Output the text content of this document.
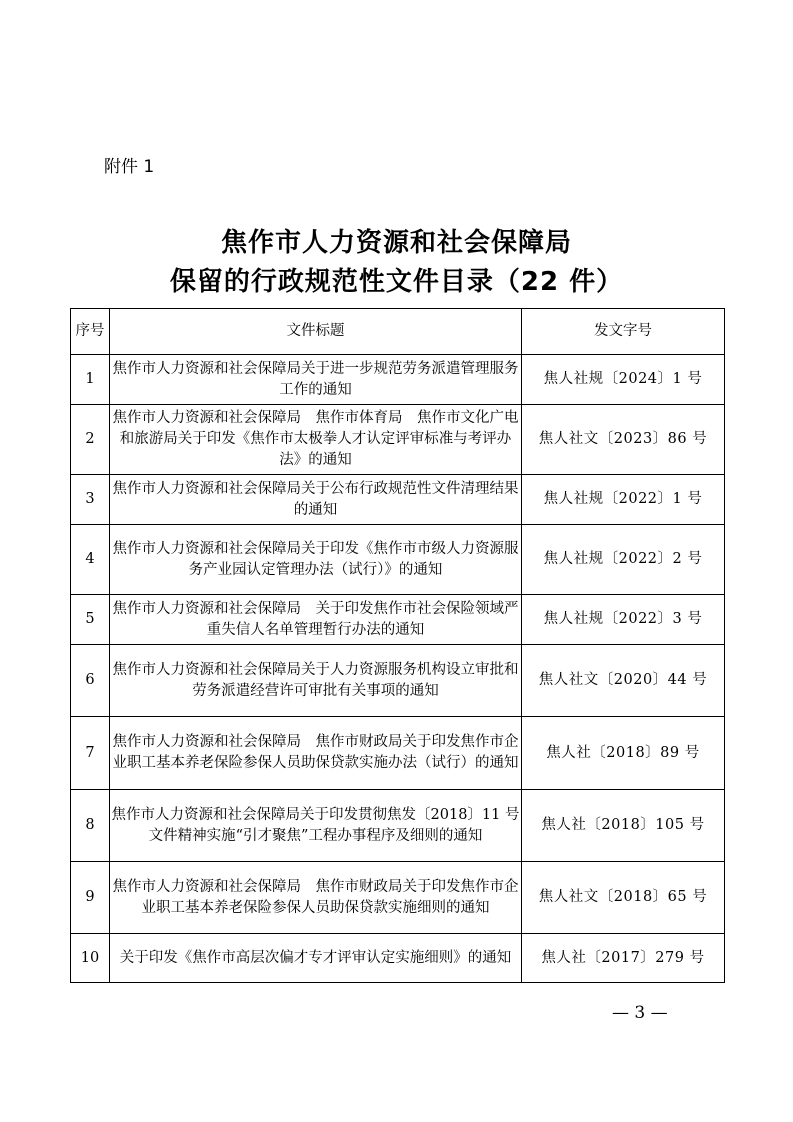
附件 1
焦作市人力资源和社会保障局
保留的行政规范性文件目录（22 件）
序号	文件标题	发文字号
1	焦作市人力资源和社会保障局关于进一步规范劳务派遣管理服务工作的通知	焦人社规〔2024〕1 号
2	焦作市人力资源和社会保障局　焦作市体育局　焦作市文化广电和旅游局关于印发《焦作市太极拳人才认定评审标准与考评办法》的通知	焦人社文〔2023〕86 号
3	焦作市人力资源和社会保障局关于公布行政规范性文件清理结果的通知	焦人社规〔2022〕1 号
4	焦作市人力资源和社会保障局关于印发《焦作市市级人力资源服务产业园认定管理办法（试行）》的通知	焦人社规〔2022〕2 号
5	焦作市人力资源和社会保障局　关于印发焦作市社会保险领域严重失信人名单管理暂行办法的通知	焦人社规〔2022〕3 号
6	焦作市人力资源和社会保障局关于人力资源服务机构设立审批和劳务派遣经营许可审批有关事项的通知	焦人社文〔2020〕44 号
7	焦作市人力资源和社会保障局　焦作市财政局关于印发焦作市企业职工基本养老保险参保人员助保贷款实施办法（试行）的通知	焦人社〔2018〕89 号
8	焦作市人力资源和社会保障局关于印发贯彻焦发〔2018〕11 号文件精神实施“引才聚焦”工程办事程序及细则的通知	焦人社〔2018〕105 号
9	焦作市人力资源和社会保障局　焦作市财政局关于印发焦作市企业职工基本养老保险参保人员助保贷款实施细则的通知	焦人社文〔2018〕65 号
10	关于印发《焦作市高层次偏才专才评审认定实施细则》的通知	焦人社〔2017〕279 号
— 3 —
